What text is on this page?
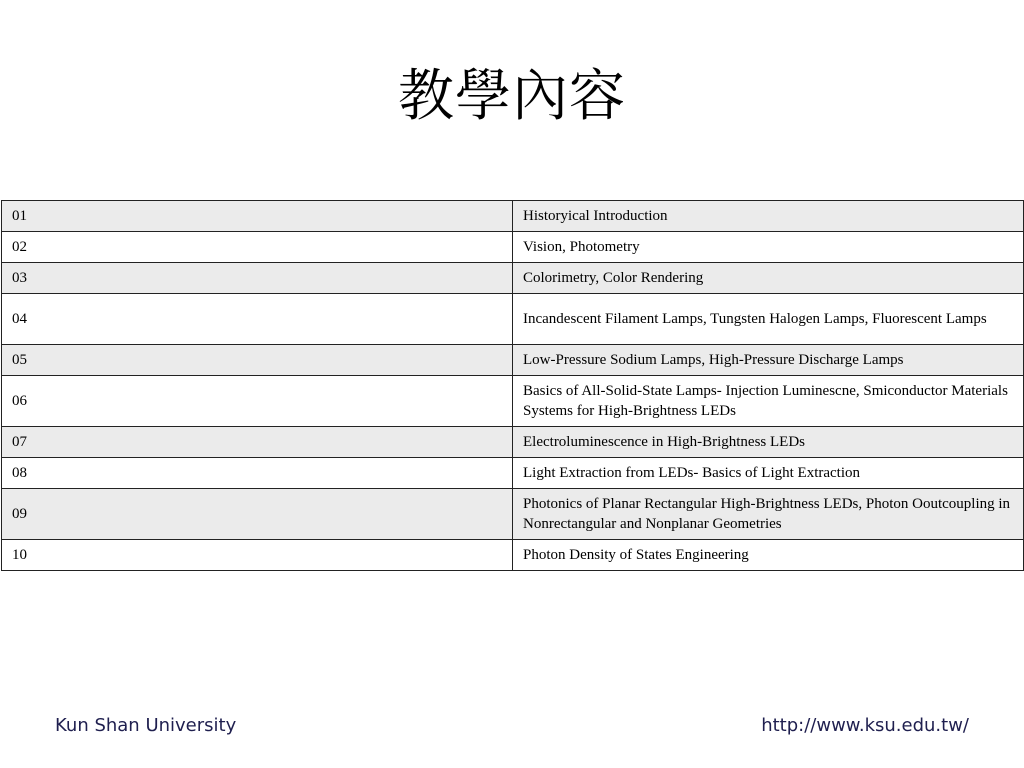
教學內容
01	Historyical Introduction
02	Vision, Photometry
03	Colorimetry, Color Rendering
04	Incandescent Filament Lamps, Tungsten Halogen Lamps, Fluorescent Lamps
05	Low-Pressure Sodium Lamps, High-Pressure Discharge Lamps
06	Basics of All-Solid-State Lamps- Injection Luminescne, Smiconductor Materials Systems for High-Brightness LEDs
07	Electroluminescence in High-Brightness LEDs
08	Light Extraction from LEDs- Basics of Light Extraction
09	Photonics of Planar Rectangular High-Brightness LEDs, Photon Ooutcoupling in Nonrectangular and Nonplanar Geometries
10	Photon Density of States Engineering
Kun Shan University	http://www.ksu.edu.tw/
